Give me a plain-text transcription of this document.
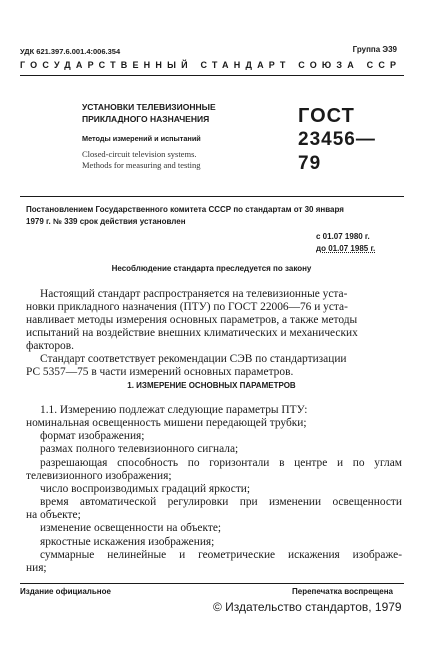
УДК 621.397.6.001.4:006.354	Группа Э39
ГОСУДАРСТВЕННЫЙ СТАНДАРТ СОЮЗА ССР
УСТАНОВКИ ТЕЛЕВИЗИОННЫЕ
ПРИКЛАДНОГО НАЗНАЧЕНИЯ
Методы измерений и испытаний
Closed-circuit television systems.
Methods for measuring and testing
ГОСТ
23456—79
Постановлением Государственного комитета СССР по стандартам от 30 января
1979 г. № 339 срок действия установлен
с 01.07 1980 г.
до 01.07 1985 г.
Несоблюдение стандарта преследуется по закону
Настоящий стандарт распространяется на телевизионные уста-
новки прикладного назначения (ПТУ) по ГОСТ 22006—76 и уста-
навливает методы измерения основных параметров, а также методы
испытаний на воздействие внешних климатических и механических
факторов.
Стандарт соответствует рекомендации СЭВ по стандартизации
РС 5357—75 в части измерений основных параметров.
1. ИЗМЕРЕНИЕ ОСНОВНЫХ ПАРАМЕТРОВ
1.1. Измерению подлежат следующие параметры ПТУ:
номинальная освещенность мишени передающей трубки;
формат изображения;
размах полного телевизионного сигнала;
разрешающая способность по горизонтали в центре и по углам
телевизионного изображения;
число воспроизводимых градаций яркости;
время автоматической регулировки при изменении освещенности
на объекте;
изменение освещенности на объекте;
яркостные искажения изображения;
суммарные нелинейные и геометрические искажения изображе-
ния;
Издание официальное	Перепечатка воспрещена
© Издательство стандартов, 1979
